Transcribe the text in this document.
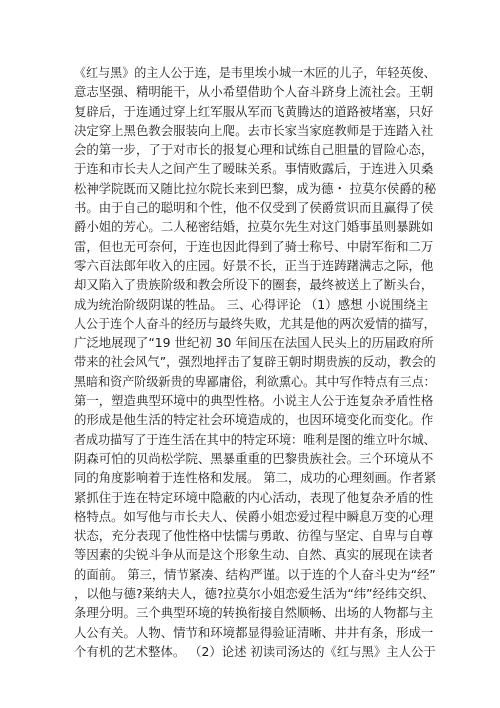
《红与黑》的主人公于连，是韦里埃小城一木匠的儿子，年轻英俊、
意志坚强、精明能干，从小希望借助个人奋斗跻身上流社会。王朝
复辟后，于连通过穿上红军服从军而飞黄腾达的道路被堵塞，只好
决定穿上黑色教会服装向上爬。去市长家当家庭教师是于连踏入社
会的第一步，了于对市长的报复心理和试练自己胆量的冒险心态，
于连和市长夫人之间产生了暧昧关系。事情败露后，于连进入贝桑
松神学院既而又随比拉尔院长来到巴黎，成为德・ 拉莫尔侯爵的秘
书。由于自己的聪明和个性，他不仅受到了侯爵赏识而且赢得了侯
爵小姐的芳心。二人秘密结婚，拉莫尔先生对这门婚事虽则暴跳如
雷，但也无可奈何，于连也因此得到了骑士称号、中尉军衔和二万
零六百法郎年收入的庄园。好景不长，正当于连踌躇满志之际，他
却又陷入了贵族阶级和教会所设下的圈套，最终被送上了断头台，
成为统治阶级阴谋的牲品。 三、心得评论 （1）感想 小说围绕主
人公于连个人奋斗的经历与最终失败，尤其是他的两次爱情的描写，
广泛地展现了“19 世纪初 30 年间压在法国人民头上的历届政府所
带来的社会风气”，强烈地抨击了复辟王朝时期贵族的反动，教会的
黑暗和资产阶级新贵的卑鄙庸俗，利欲熏心。其中写作特点有三点：
第一，塑造典型环境中的典型性格。小说主人公于连复杂矛盾性格
的形成是他生活的特定社会环境造成的，也因环境变化而变化。作
者成功描写了于连生活在其中的特定环境：唯利是图的维立叶尔城、
阴森可怕的贝尚松学院、黑暴重重的巴黎贵族社会。三个环境从不
同的角度影响着于连性格和发展。 第二，成功的心理刻画。作者紧
紧抓住于连在特定环境中隐蔽的内心活动，表现了他复杂矛盾的性
格特点。如写他与市长夫人、侯爵小姐恋爱过程中瞬息万变的心理
状态，充分表现了他性格中怯懦与勇敢、彷徨与坚定、自卑与自尊
等因素的尖锐斗争从而是这个形象生动、自然、真实的展现在读者
的面前。 第三，情节紧凑、结构严谨。以于连的个人奋斗史为“经”
，以他与德?莱纳夫人，德?拉莫尔小姐恋爱生活为“纬”经纬交织、
条理分明。三个典型环境的转换衔接自然顺畅、出场的人物都与主
人公有关。人物、情节和环境都显得验证清晰、井井有条，形成一
个有机的艺术整体。 （2）论述 初读司汤达的《红与黑》主人公于
